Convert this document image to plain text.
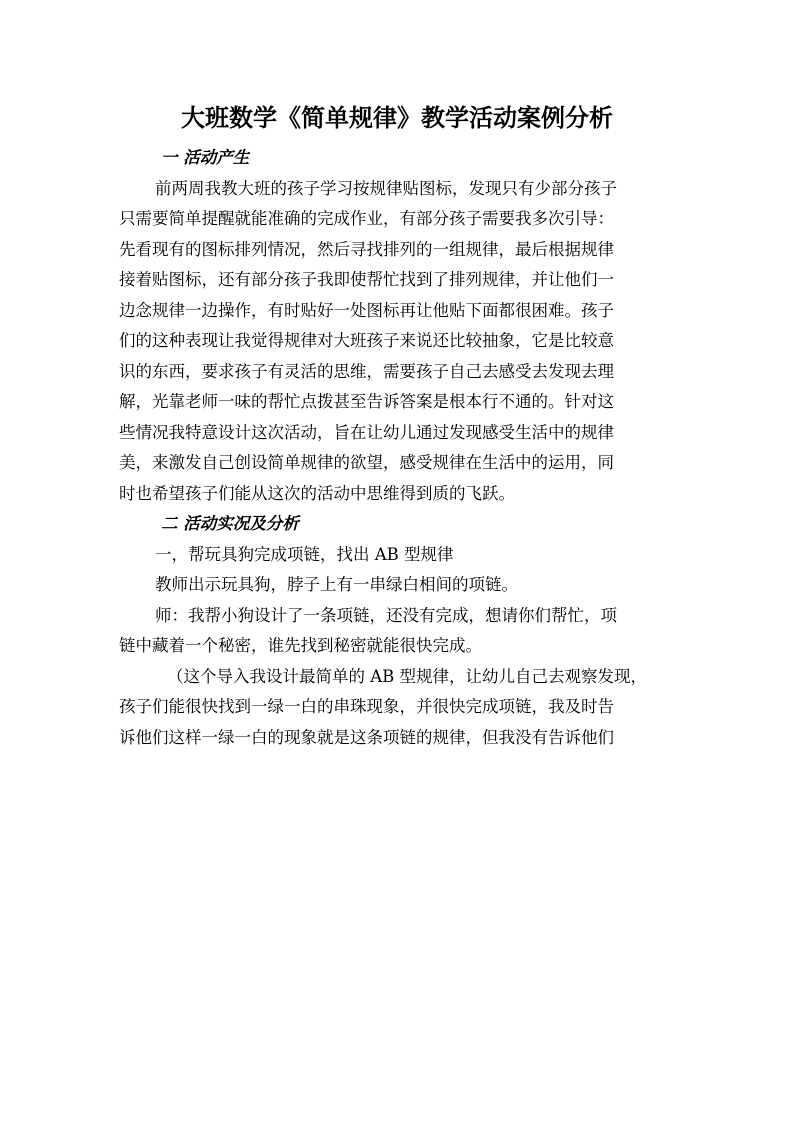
大班数学《简单规律》教学活动案例分析
一 活动产生
前两周我教大班的孩子学习按规律贴图标，发现只有少部分孩子
只需要简单提醒就能准确的完成作业，有部分孩子需要我多次引导：
先看现有的图标排列情况，然后寻找排列的一组规律，最后根据规律
接着贴图标，还有部分孩子我即使帮忙找到了排列规律，并让他们一
边念规律一边操作，有时贴好一处图标再让他贴下面都很困难。孩子
们的这种表现让我觉得规律对大班孩子来说还比较抽象，它是比较意
识的东西，要求孩子有灵活的思维，需要孩子自己去感受去发现去理
解，光靠老师一味的帮忙点拨甚至告诉答案是根本行不通的。针对这
些情况我特意设计这次活动，旨在让幼儿通过发现感受生活中的规律
美，来激发自己创设简单规律的欲望，感受规律在生活中的运用，同
时也希望孩子们能从这次的活动中思维得到质的飞跃。
二 活动实况及分析
一，帮玩具狗完成项链，找出 AB 型规律
教师出示玩具狗，脖子上有一串绿白相间的项链。
师：我帮小狗设计了一条项链，还没有完成，想请你们帮忙，项
链中藏着一个秘密，谁先找到秘密就能很快完成。
（这个导入我设计最简单的 AB 型规律，让幼儿自己去观察发现，
孩子们能很快找到一绿一白的串珠现象，并很快完成项链，我及时告
诉他们这样一绿一白的现象就是这条项链的规律，但我没有告诉他们
